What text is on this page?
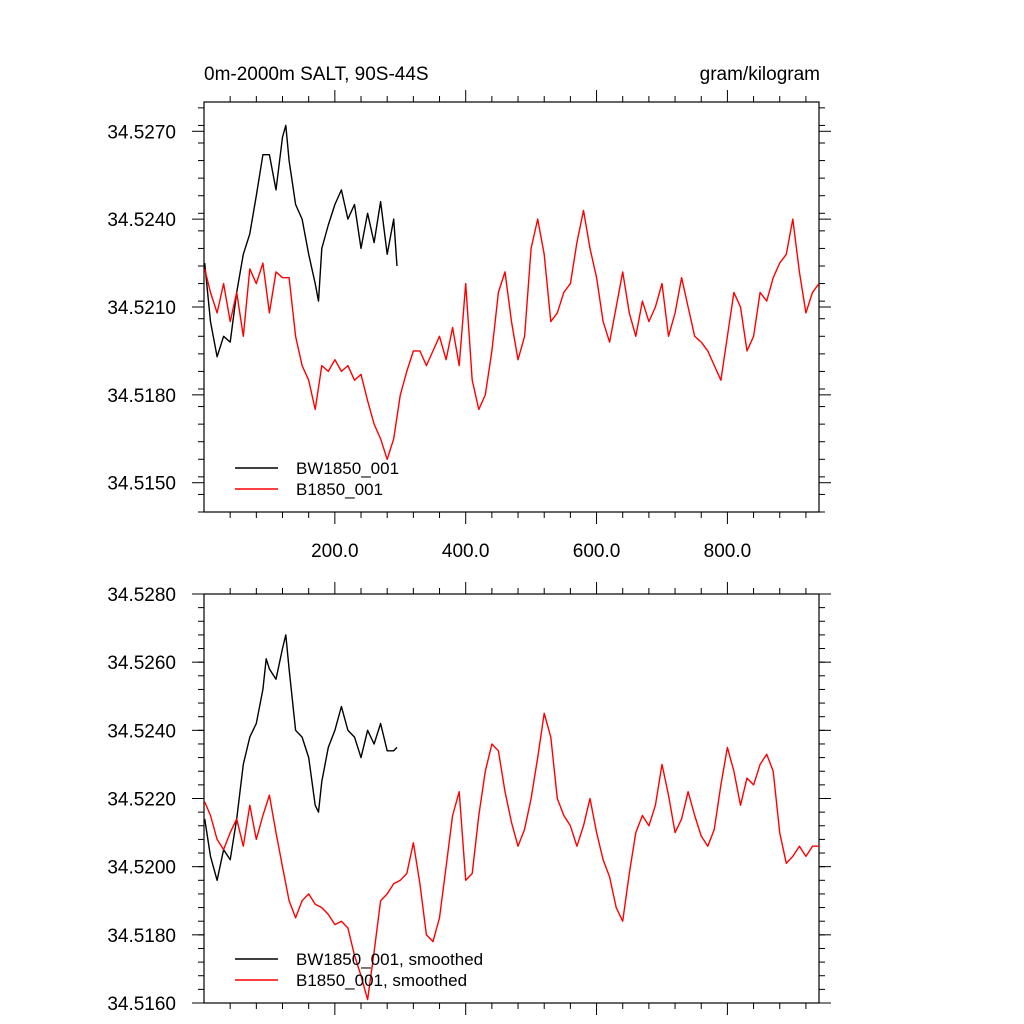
0m-2000m SALT, 90S-44S	gram/kilogram
200.0	400.0	600.0	800.0
34.5150
34.5180
34.5210
34.5240
34.5270
BW1850_001
B1850_001
34.5160
34.5180
34.5200
34.5220
34.5240
34.5260
34.5280
BW1850_001, smoothed
B1850_001, smoothed
